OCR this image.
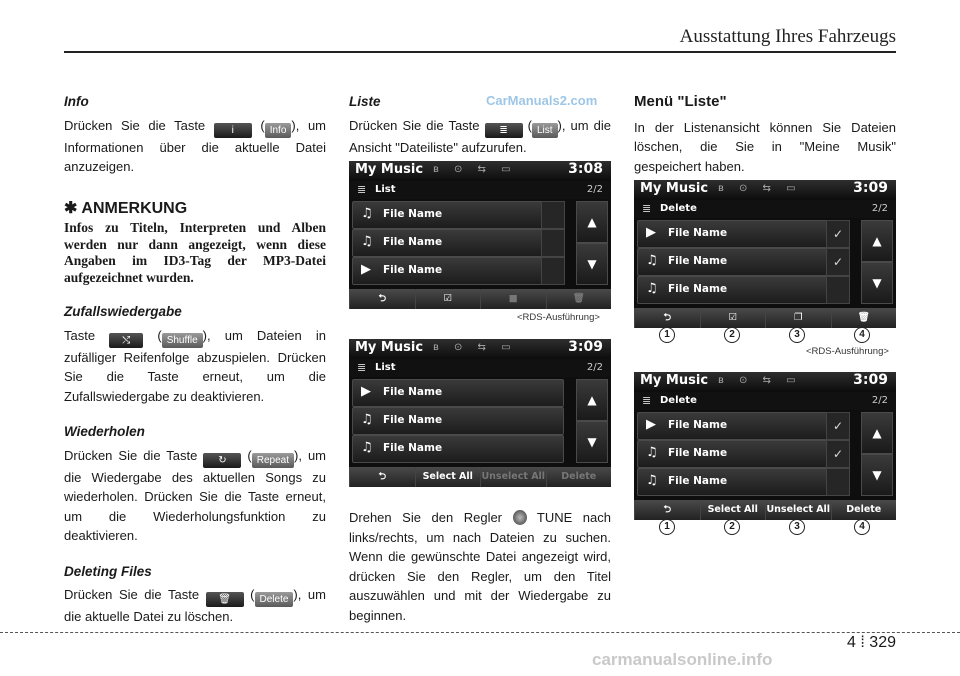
Ausstattung Ihres Fahrzeugs
Info

Drücken Sie die Taste	i ( Info ), um Informationen über die aktuelle Datei anzuzeigen.

✱ ANMERKUNG

Infos zu Titeln, Interpreten und Alben werden nur dann angezeigt, wenn diese Angaben im ID3-Tag der MP3-Datei aufgezeichnet wurden.

Zufallswiedergabe

Taste	⤭ ( Shuffle ), um Dateien in zufälliger Reifenfolge abzuspielen. Drücken Sie die Taste erneut, um die Zufallswiedergabe zu deaktivieren.

Wiederholen

Drücken Sie die Taste ↻ ( Repeat ), um die Wiedergabe des aktuellen Songs zu wiederholen. Drücken Sie die Taste erneut, um die Wiederholungsfunktion zu deaktivieren.

Deleting Files

Drücken Sie die Taste 🗑 ( Delete ), um die aktuelle Datei zu löschen.

Liste

Drücken Sie die Taste ≣ ( List ), um die Ansicht "Dateiliste" aufzurufen.

My Music ʙ ⊙ ⇆ ▭	3:08
≣ List	2/2
♫ File Name
♫ File Name
▶ File Name
▲
▼
⮌	☑	■	🗑
<RDS-Ausführung>
My Music ʙ ⊙ ⇆ ▭	3:09
≣ List	2/2
▶ File Name
♫ File Name
♫ File Name
▲
▼
⮌	Select All Unselect All	Delete

Drehen Sie den Regler	TUNE nach links/rechts, um nach Dateien zu suchen. Wenn die gewünschte Datei angezeigt wird, drücken Sie den Regler, um den Titel auszuwählen und mit der Wiedergabe zu beginnen.

Menü "Liste"

In der Listenansicht können Sie Dateien löschen, die Sie in "Meine Musik" gespeichert haben.

My Music ʙ ⊙ ⇆ ▭	3:09
≣ Delete	2/2
▶ File Name	✓
♫ File Name	✓
♫ File Name
▲
▼
⮌	☑	❐	🗑
1	2	3	4
<RDS-Ausführung>
My Music ʙ ⊙ ⇆ ▭	3:09
≣ Delete	2/2
▶ File Name	✓
♫ File Name	✓
♫ File Name
▲
▼
⮌	Select All Unselect All	Delete
1	2	3	4
CarManuals2.com
4 ⁞ 329
carmanualsonline.info
